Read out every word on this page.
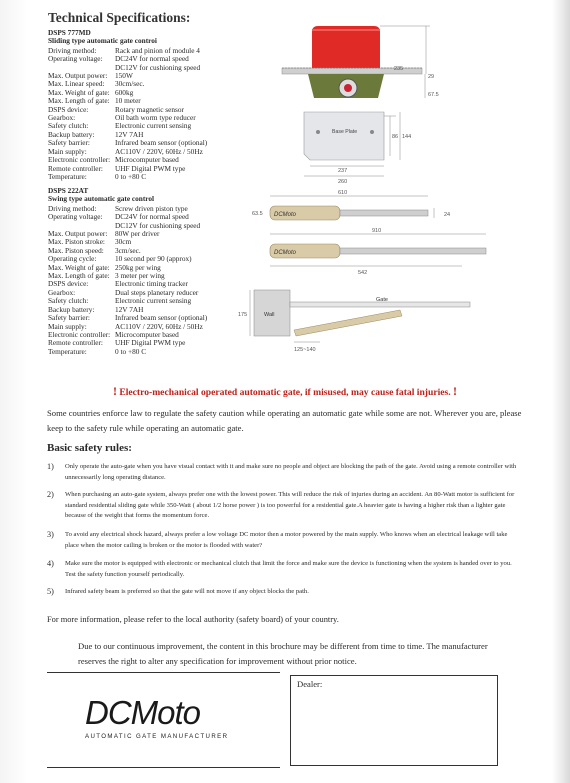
Technical Specifications:
DSPS 777MD
Sliding type automatic gate controi
Driving method:	Rack and pinion of module 4
Operating voltage:	DC24V for normal speed
DC12V for cushioning speed
Max. Output power:	150W
Max. Linear speed:	30cm/sec.
Max. Weight of gate: 600kg
Max. Length of gate: 10 meter
DSPS device:	Rotary magnetic sensor
Gearbox:	Oil bath worm type reducer
Safety clutch:	Electronic current sensing
Backup battery:	12V 7AH
Safety barrier:	Infrared beam sensor (optional)
Main supply:	AC110V / 220V, 60Hz / 50Hz
Electronic controller: Microcomputer based
Remote controller:	UHF Digital PWM type
Temperature:	0 to +80 C
DSPS 222AT
Swing type automatic gate control
Driving method:	Screw driven piston type
Operating voltage:	DC24V for normal speed
DC12V for cushioning speed
Max. Output power:	80W per driver
Max. Piston stroke:	30cm
Max. Piston speed:	3cm/sec.
Operating cycle:	10 second per 90 (approx)
Max. Weight of gate: 250kg per wing
Max. Length of gate: 3 meter per wing
DSPS device:	Electronic timing tracker
Gearbox:	Dual steps planetary reducer
Safety clutch:	Electronic current sensing
Backup battery:	12V 7AH
Safety barrier:	Infrared beam sensor (optional)
Main supply:	AC110V / 220V, 60Hz / 50Hz
Electronic controller: Microcomputer based
Remote controller:	UHF Digital PWM type
Temperature:	0 to +80 C
235
29
67.5
Base Plate
86 144
237
260
610
DCMoto
63.5	24
910
DCMoto
542
Wall
175
Gate
125~140
! Electro-mechanical operated automatic gate, if misused, may cause fatal injuries. !
Some countries enforce law to regulate the safety caution while operating an automatic gate while some are not. Wherever you are, please keep to the safety rule while operating an automatic gate.
Basic safety rules:
1) Only operate the auto-gate when you have visual contact with it and make sure no people and object are blocking the path of the gate. Avoid using a remote controller with unnecessarily long operating distance.
2) When purchasing an auto-gate system, always prefer one with the lowest power. This will reduce the risk of injuries during an accident. An 80-Watt motor is sufficient for standard residential sliding gate while 350-Watt ( about 1/2 horse power ) is too powerful for a residential gate.A heavier gate is having a higher risk than a lighter gate because of the weight that forms the momentum force.
3) To avoid any electrical shock hazard, always prefer a low voltage DC motor then a motor powered by the main supply. Who knows when an electrical leakage will take place when the motor cailing is broken or the motor is flooded with water?
4) Make sure the motor is equipped with electronic or mechanical clutch that limit the force and make sure the device is functioning when the system is handed over to you. Test the safety function yourself periodically.
5) Infrared safety beam is preferred so that the gate will not move if any object blocks the path.
For more information, please refer to the local authority (safety board) of your country.
Due to our continuous improvement, the content in this brochure may be different from time to time. The manufacturer reserves the right to alter any specification for improvement without prior notice.
DCMoto
AUTOMATIC GATE MANUFACTURER
Dealer:
